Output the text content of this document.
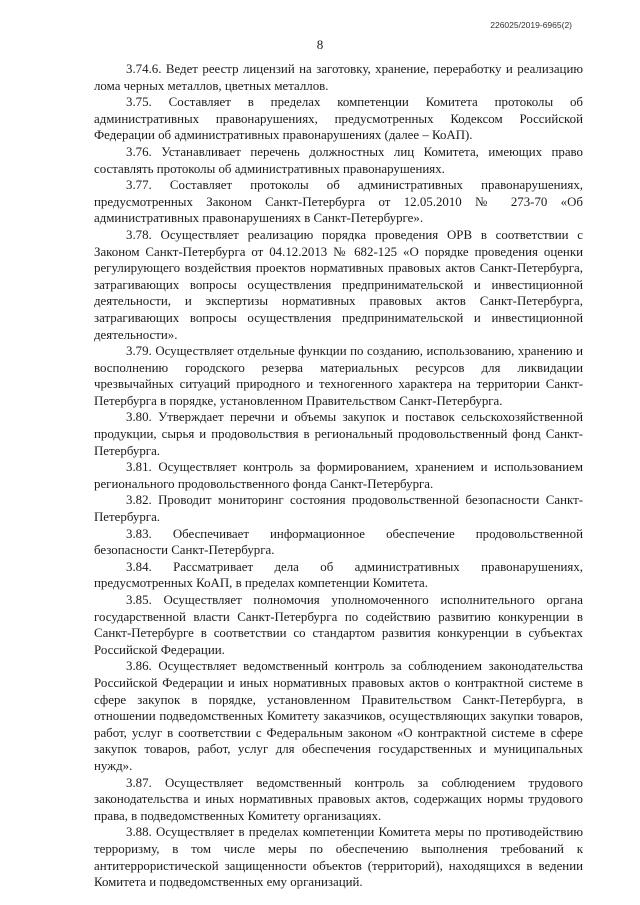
226025/2019-6965(2)
8

3.74.6. Ведет реестр лицензий на заготовку, хранение, переработку и реализацию лома черных металлов, цветных металлов.

3.75. Составляет в пределах компетенции Комитета протоколы об административных правонарушениях, предусмотренных Кодексом Российской Федерации об административных правонарушениях (далее – КоАП).

3.76. Устанавливает перечень должностных лиц Комитета, имеющих право составлять протоколы об административных правонарушениях.

3.77. Составляет протоколы об административных правонарушениях, предусмотренных Законом Санкт-Петербурга от 12.05.2010 № 273-70 «Об административных правонарушениях в Санкт-Петербурге».

3.78. Осуществляет реализацию порядка проведения ОРВ в соответствии с Законом Санкт-Петербурга от 04.12.2013 № 682-125 «О порядке проведения оценки регулирующего воздействия проектов нормативных правовых актов Санкт-Петербурга, затрагивающих вопросы осуществления предпринимательской и инвестиционной деятельности, и экспертизы нормативных правовых актов Санкт-Петербурга, затрагивающих вопросы осуществления предпринимательской и инвестиционной деятельности».

3.79. Осуществляет отдельные функции по созданию, использованию, хранению и восполнению городского резерва материальных ресурсов для ликвидации чрезвычайных ситуаций природного и техногенного характера на территории Санкт-Петербурга в порядке, установленном Правительством Санкт-Петербурга.

3.80. Утверждает перечни и объемы закупок и поставок сельскохозяйственной продукции, сырья и продовольствия в региональный продовольственный фонд Санкт-Петербурга.

3.81. Осуществляет контроль за формированием, хранением и использованием регионального продовольственного фонда Санкт-Петербурга.

3.82. Проводит мониторинг состояния продовольственной безопасности Санкт-Петербурга.

3.83. Обеспечивает информационное обеспечение продовольственной безопасности Санкт-Петербурга.

3.84. Рассматривает дела об административных правонарушениях, предусмотренных КоАП, в пределах компетенции Комитета.

3.85. Осуществляет полномочия уполномоченного исполнительного органа государственной власти Санкт-Петербурга по содействию развитию конкуренции в Санкт-Петербурге в соответствии со стандартом развития конкуренции в субъектах Российской Федерации.

3.86. Осуществляет ведомственный контроль за соблюдением законодательства Российской Федерации и иных нормативных правовых актов о контрактной системе в сфере закупок в порядке, установленном Правительством Санкт-Петербурга, в отношении подведомственных Комитету заказчиков, осуществляющих закупки товаров, работ, услуг в соответствии с Федеральным законом «О контрактной системе в сфере закупок товаров, работ, услуг для обеспечения государственных и муниципальных нужд».

3.87. Осуществляет ведомственный контроль за соблюдением трудового законодательства и иных нормативных правовых актов, содержащих нормы трудового права, в подведомственных Комитету организациях.

3.88. Осуществляет в пределах компетенции Комитета меры по противодействию терроризму, в том числе меры по обеспечению выполнения требований к антитеррористической защищенности объектов (территорий), находящихся в ведении Комитета и подведомственных ему организаций.
